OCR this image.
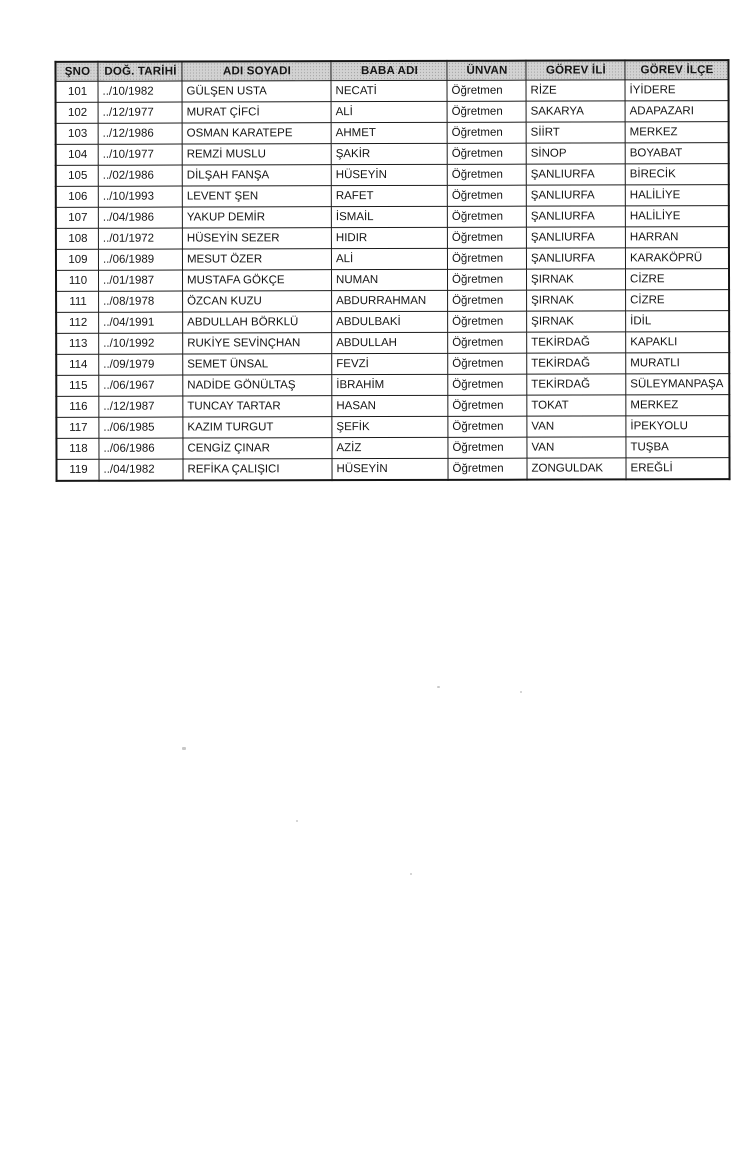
ŞNO	DOĞ. TARİHİ	ADI SOYADI	BABA ADI	ÜNVAN	GÖREV İLİ	GÖREV İLÇE
101	../10/1982	GÜLŞEN USTA	NECATİ	Öğretmen	RİZE	İYİDERE
102	../12/1977	MURAT ÇİFCİ	ALİ	Öğretmen	SAKARYA	ADAPAZARI
103	../12/1986	OSMAN KARATEPE	AHMET	Öğretmen	SİİRT	MERKEZ
104	../10/1977	REMZİ MUSLU	ŞAKİR	Öğretmen	SİNOP	BOYABAT
105	../02/1986	DİLŞAH FANŞA	HÜSEYİN	Öğretmen	ŞANLIURFA	BİRECİK
106	../10/1993	LEVENT ŞEN	RAFET	Öğretmen	ŞANLIURFA	HALİLİYE
107	../04/1986	YAKUP DEMİR	İSMAİL	Öğretmen	ŞANLIURFA	HALİLİYE
108	../01/1972	HÜSEYİN SEZER	HIDIR	Öğretmen	ŞANLIURFA	HARRAN
109	../06/1989	MESUT ÖZER	ALİ	Öğretmen	ŞANLIURFA	KARAKÖPRÜ
110	../01/1987	MUSTAFA GÖKÇE	NUMAN	Öğretmen	ŞIRNAK	CİZRE
111	../08/1978	ÖZCAN KUZU	ABDURRAHMAN	Öğretmen	ŞIRNAK	CİZRE
112	../04/1991	ABDULLAH BÖRKLÜ	ABDULBAKİ	Öğretmen	ŞIRNAK	İDİL
113	../10/1992	RUKİYE SEVİNÇHAN	ABDULLAH	Öğretmen	TEKİRDAĞ	KAPAKLI
114	../09/1979	SEMET ÜNSAL	FEVZİ	Öğretmen	TEKİRDAĞ	MURATLI
115	../06/1967	NADİDE GÖNÜLTAŞ	İBRAHİM	Öğretmen	TEKİRDAĞ	SÜLEYMANPAŞA
116	../12/1987	TUNCAY TARTAR	HASAN	Öğretmen	TOKAT	MERKEZ
117	../06/1985	KAZIM TURGUT	ŞEFİK	Öğretmen	VAN	İPEKYOLU
118	../06/1986	CENGİZ ÇINAR	AZİZ	Öğretmen	VAN	TUŞBA
119	../04/1982	REFİKA ÇALIŞICI	HÜSEYİN	Öğretmen	ZONGULDAK	EREĞLİ
